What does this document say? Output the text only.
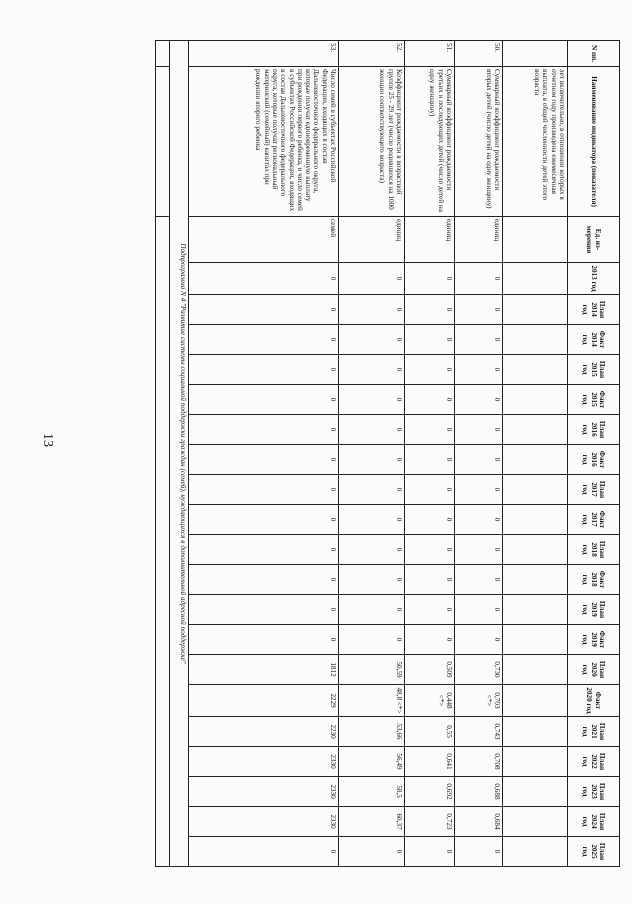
13
N пп.	Наименование индикатора (показателя)	Ед. из-мерения	2013 год	План 2014 год	Факт 2014 год	План 2015 год	Факт 2015 год	План 2016 год	Факт 2016 год	План 2017 год	Факт 2017 год	План 2018 год	Факт 2018 год	План 2019 год	Факт 2019 год	План 2020 год	Факт 2020 год	План 2021 год	План 2022 год	План 2023 год	План 2024 год	План 2025 год
	лет включительно, в отношении которых в отчетном году произведена ежемесячная выплата, в общей численности детей этого возраста																					
50.	Суммарный коэффициент рождаемости вторых детей (число детей на одну женщину)	единиц	0	0	0	0	0	0	0	0	0	0	0	0	0	0,730	0,703 <*>	0,743	0,708	0,688	0,684	0
51.	Суммарный коэффициент рождаемости третьих и последующих детей (число детей на одну женщину)	единиц	0	0	0	0	0	0	0	0	0	0	0	0	0	0,509	0,448 <*>	0,55	0,641	0,692	0,723	0
52.	Коэффициент рождаемости в возрастной группе 25 - 29 лет (число родившихся на 1000 женщин соответствующего возраста)	единиц	0	0	0	0	0	0	0	0	0	0	0	0	0	50,59	48,8 <*>	53,66	56,49	58,5	60,37	0
53.	Число семей в субъектах Российской Федерации, входящих в состав Дальневосточного федерального округа, которые получат единовременную выплату при рождении первого ребенка, и число семей в субъектах Российской Федерации, входящих в состав Дальневосточного федерального округа, которые получат региональный материнский (семейный) капитал при рождении второго ребенка	семей	0	0	0	0	0	0	0	0	0	0	0	0	0	1812	2229	2230	2330	2330	2330	0
Подпрограмма N 4 "Развитие системы социальной поддержки граждан (семей), нуждающихся в дополнительной адресной поддержке"																						
